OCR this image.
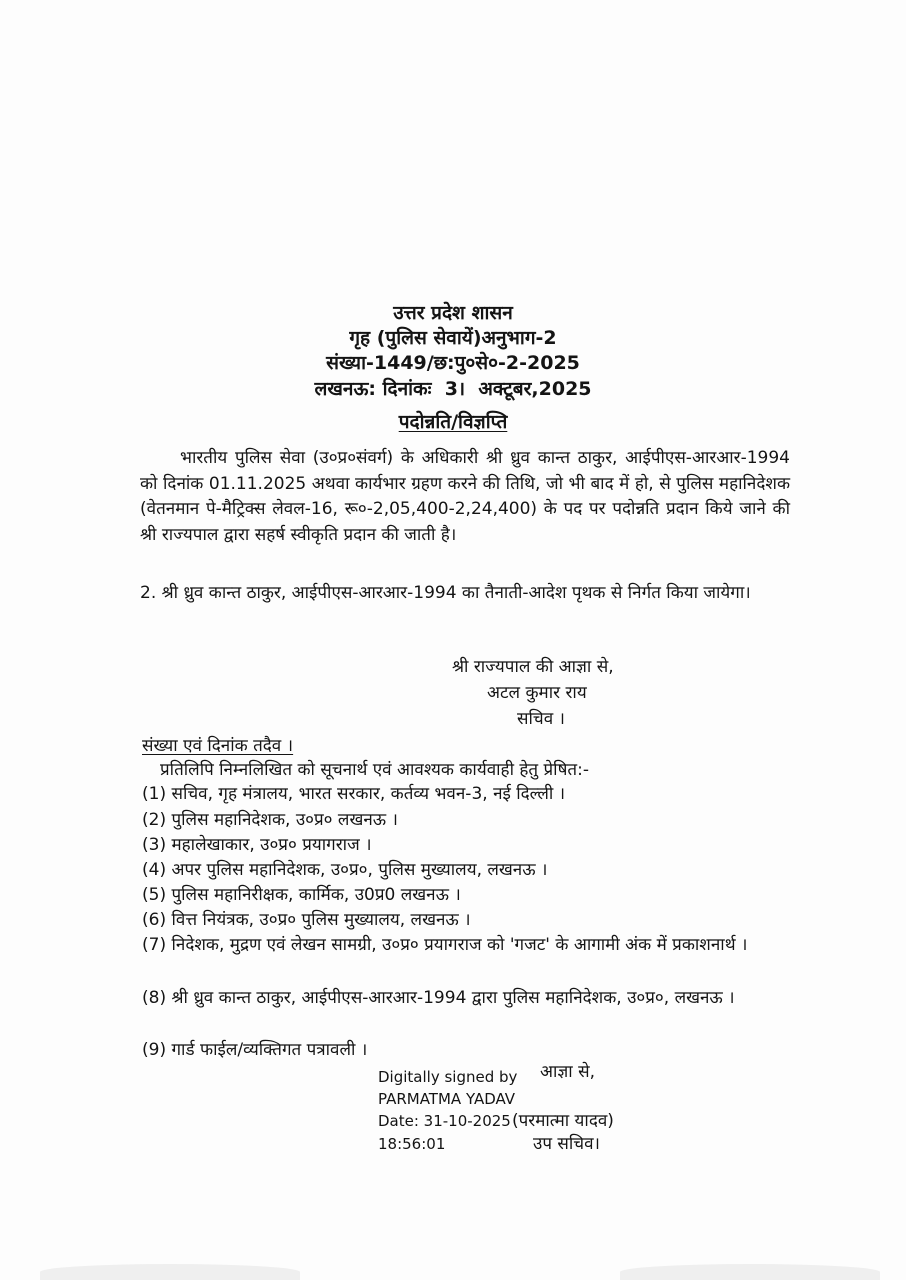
उत्तर प्रदेश शासन
गृह (पुलिस सेवायें)अनुभाग-2
संख्या-1449/छ:पु०से०-2-2025
लखनऊ: दिनांकः  3।  अक्टूबर,2025
पदोन्नति/विज्ञप्ति
भारतीय पुलिस सेवा (उ०प्र०संवर्ग) के अधिकारी श्री ध्रुव कान्त ठाकुर, आईपीएस-आरआर-1994 को दिनांक 01.11.2025 अथवा कार्यभार ग्रहण करने की तिथि, जो भी बाद में हो, से पुलिस महानिदेशक (वेतनमान पे-मैट्रिक्स लेवल-16, रू०-2,05,400-2,24,400) के पद पर पदोन्नति प्रदान किये जाने की श्री राज्यपाल द्वारा सहर्ष स्वीकृति प्रदान की जाती है।
2. श्री ध्रुव कान्त ठाकुर, आईपीएस-आरआर-1994 का तैनाती-आदेश पृथक से निर्गत किया जायेगा।
श्री राज्यपाल की आज्ञा से,
अटल कुमार राय
सचिव ।
संख्या एवं दिनांक तदैव ।
प्रतिलिपि निम्नलिखित को सूचनार्थ एवं आवश्यक कार्यवाही हेतु प्रेषित:-
(1) सचिव, गृह मंत्रालय, भारत सरकार, कर्तव्य भवन-3, नई दिल्ली ।
(2) पुलिस महानिदेशक, उ०प्र० लखनऊ ।
(3) महालेखाकार, उ०प्र० प्रयागराज ।
(4) अपर पुलिस महानिदेशक, उ०प्र०, पुलिस मुख्यालय, लखनऊ ।
(5) पुलिस महानिरीक्षक, कार्मिक, उ0प्र0 लखनऊ ।
(6) वित्त नियंत्रक, उ०प्र० पुलिस मुख्यालय, लखनऊ ।
(7) निदेशक, मुद्रण एवं लेखन सामग्री, उ०प्र० प्रयागराज को 'गजट' के आगामी अंक में प्रकाशनार्थ ।
(8) श्री ध्रुव कान्त ठाकुर, आईपीएस-आरआर-1994 द्वारा पुलिस महानिदेशक, उ०प्र०, लखनऊ ।
(9) गार्ड फाईल/व्यक्तिगत पत्रावली ।
Digitally signed by
PARMATMA YADAV
Date: 31-10-2025
18:56:01
आज्ञा से,
(परमात्मा यादव)
उप सचिव।
